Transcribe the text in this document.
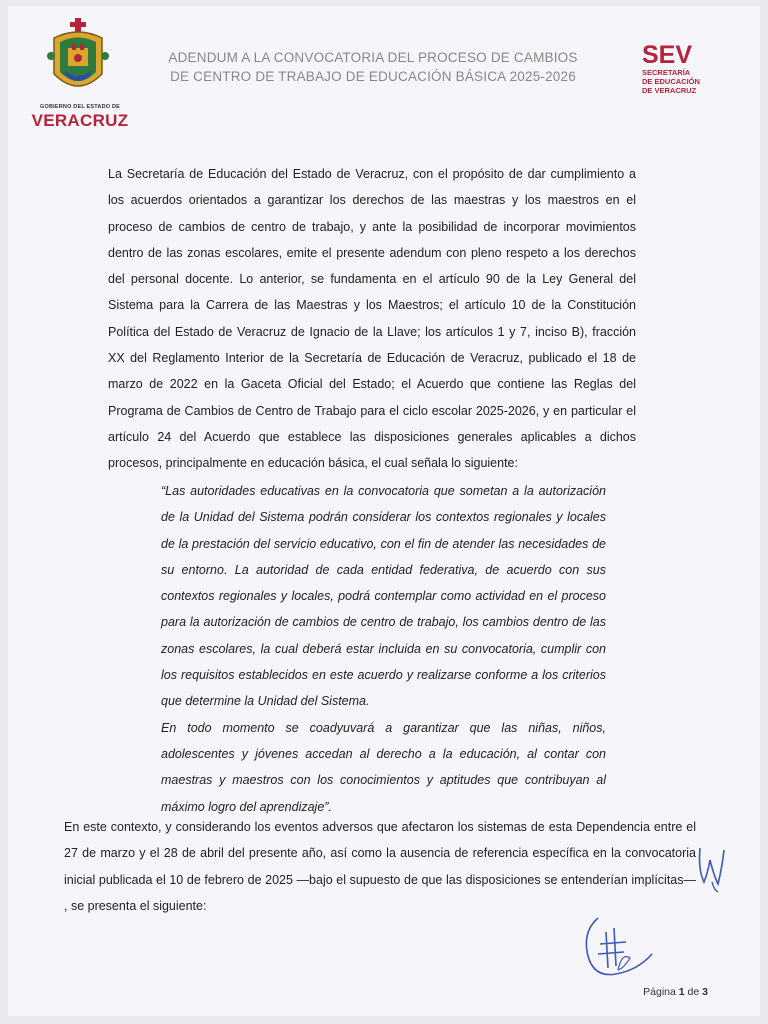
GOBIERNO DEL ESTADO DE
VERACRUZ
ADENDUM A LA CONVOCATORIA DEL PROCESO DE CAMBIOS
DE CENTRO DE TRABAJO DE EDUCACIÓN BÁSICA 2025-2026
SEV
SECRETARÍA
DE EDUCACIÓN
DE VERACRUZ

La Secretaría de Educación del Estado de Veracruz, con el propósito de dar cumplimiento a los acuerdos orientados a garantizar los derechos de las maestras y los maestros en el proceso de cambios de centro de trabajo, y ante la posibilidad de incorporar movimientos dentro de las zonas escolares, emite el presente adendum con pleno respeto a los derechos del personal docente. Lo anterior, se fundamenta en el artículo 90 de la Ley General del Sistema para la Carrera de las Maestras y los Maestros; el artículo 10 de la Constitución Política del Estado de Veracruz de Ignacio de la Llave; los artículos 1 y 7, inciso B), fracción XX del Reglamento Interior de la Secretaría de Educación de Veracruz, publicado el 18 de marzo de 2022 en la Gaceta Oficial del Estado; el Acuerdo que contiene las Reglas del Programa de Cambios de Centro de Trabajo para el ciclo escolar 2025-2026, y en particular el artículo 24 del Acuerdo que establece las disposiciones generales aplicables a dichos procesos, principalmente en educación básica, el cual señala lo siguiente:

“Las autoridades educativas en la convocatoria que sometan a la autorización de la Unidad del Sistema podrán considerar los contextos regionales y locales de la prestación del servicio educativo, con el fin de atender las necesidades de su entorno. La autoridad de cada entidad federativa, de acuerdo con sus contextos regionales y locales, podrá contemplar como actividad en el proceso para la autorización de cambios de centro de trabajo, los cambios dentro de las zonas escolares, la cual deberá estar incluida en su convocatoria, cumplir con los requisitos establecidos en este acuerdo y realizarse conforme a los criterios que determine la Unidad del Sistema.

En todo momento se coadyuvará a garantizar que las niñas, niños, adolescentes y jóvenes accedan al derecho a la educación, al contar con maestras y maestros con los conocimientos y aptitudes que contribuyan al máximo logro del aprendizaje”.

En este contexto, y considerando los eventos adversos que afectaron los sistemas de esta Dependencia entre el 27 de marzo y el 28 de abril del presente año, así como la ausencia de referencia específica en la convocatoria inicial publicada el 10 de febrero de 2025 —bajo el supuesto de que las disposiciones se entenderían implícitas— , se presenta el siguiente:

Página 1 de 3
